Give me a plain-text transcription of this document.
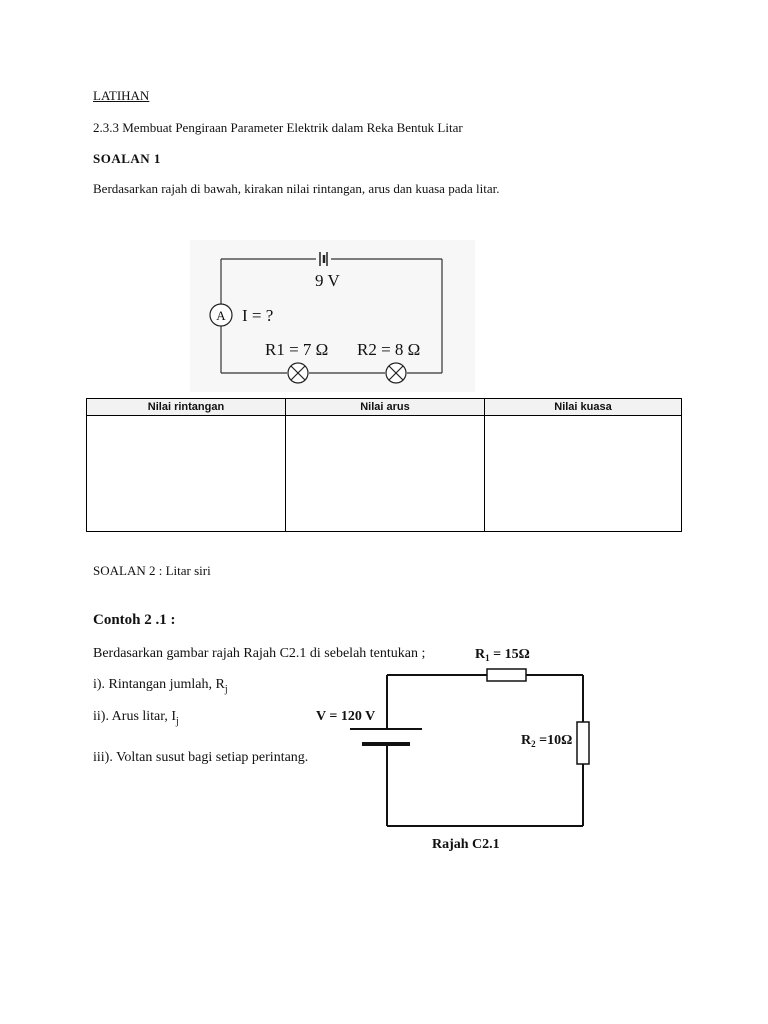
LATIHAN
2.3.3 Membuat Pengiraan Parameter Elektrik dalam Reka Bentuk Litar
SOALAN 1
Berdasarkan rajah di bawah, kirakan nilai rintangan, arus dan kuasa pada litar.
9 V
A I = ?
R1 = 7 Ω R2 = 8 Ω
Nilai rintangan	Nilai arus	Nilai kuasa

SOALAN 2 : Litar siri
Contoh 2 .1 :
Berdasarkan gambar rajah Rajah C2.1 di sebelah tentukan ;
i). Rintangan jumlah, $R_j$
ii). Arus litar, $I_j$
iii). Voltan susut bagi setiap perintang.
V = 120 V
$R_1 = 15\Omega$
$R_2 =10\Omega$
Rajah C2.1
